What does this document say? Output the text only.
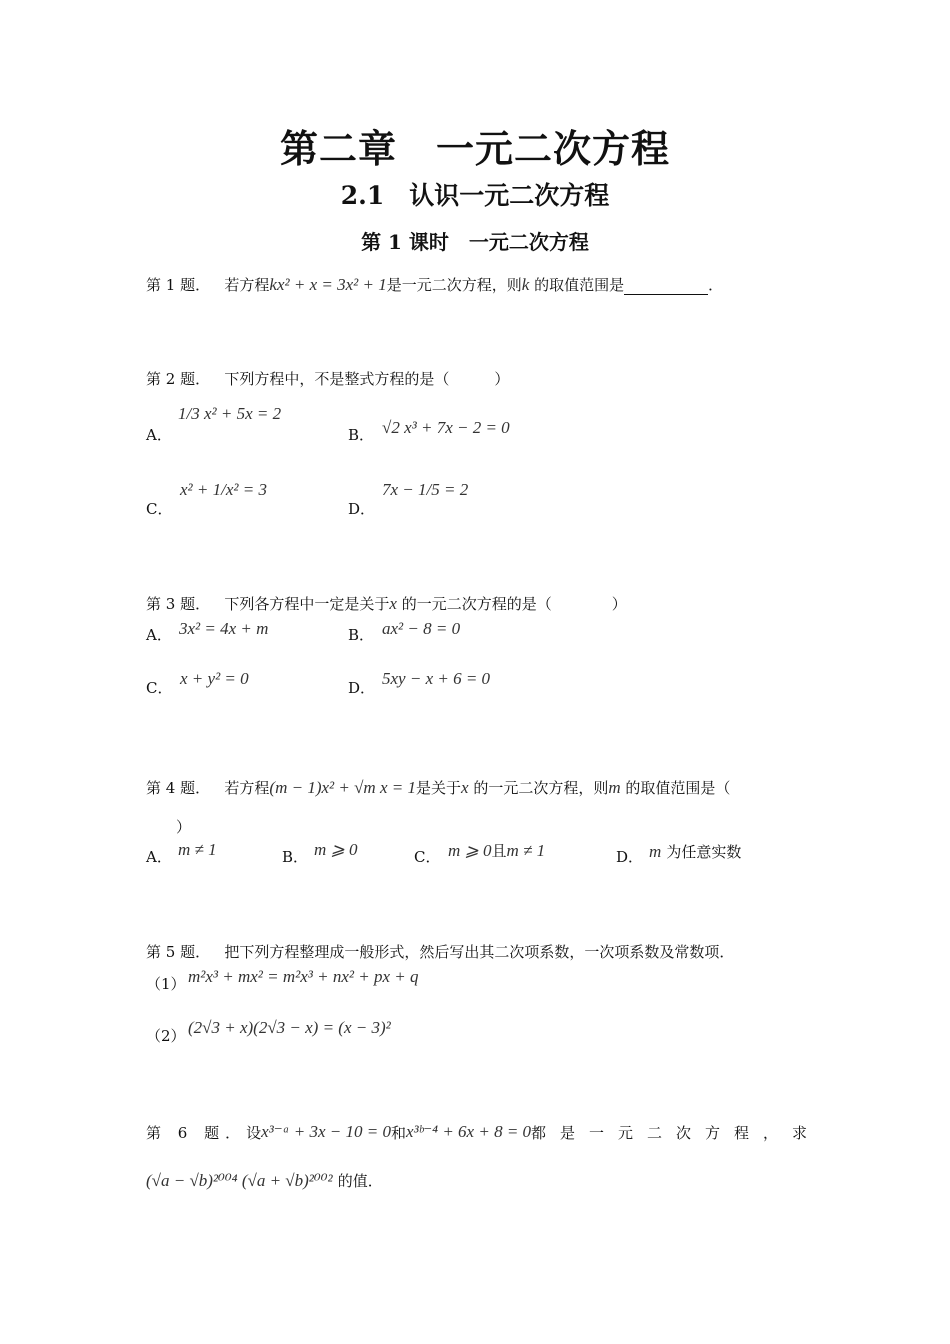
第二章　一元二次方程
2.1　认识一元二次方程
第 1 课时　一元二次方程
第 1 题． 若方程kx² + x = 3x² + 1是一元二次方程，则k 的取值范围是	．
第 2 题． 下列方程中，不是整式方程的是（　　　）
A．
1/3 x² + 5x = 2
B． √2 x³ + 7x − 2 = 0
C．
x² + 1/x² = 3
D．
7x − 1/5 = 2
第 3 题． 下列各方程中一定是关于x 的一元二次方程的是（　　　　）
A． 3x² = 4x + m	B． ax² − 8 = 0
C． x + y² = 0	D． 5xy − x + 6 = 0
第 4 题． 若方程(m − 1)x² + √m x = 1是关于x 的一元二次方程，则m 的取值范围是（
）
A． m ≠ 1	B． m ⩾ 0	C． m ⩾ 0且m ≠ 1	D． m 为任意实数
第 5 题． 把下列方程整理成一般形式，然后写出其二次项系数，一次项系数及常数项．
（1） m²x³ + mx² = m²x³ + nx² + px + q
（2） (2√3 + x)(2√3 − x) = (x − 3)²
第 6 题． 设 x³⁻ᵃ + 3x − 10 = 0 和 x³ᵇ⁻⁴ + 6x + 8 = 0 都是一元二次方程，求
(√a − √b)²⁰⁰⁴ (√a + √b)²⁰⁰² 的值．
